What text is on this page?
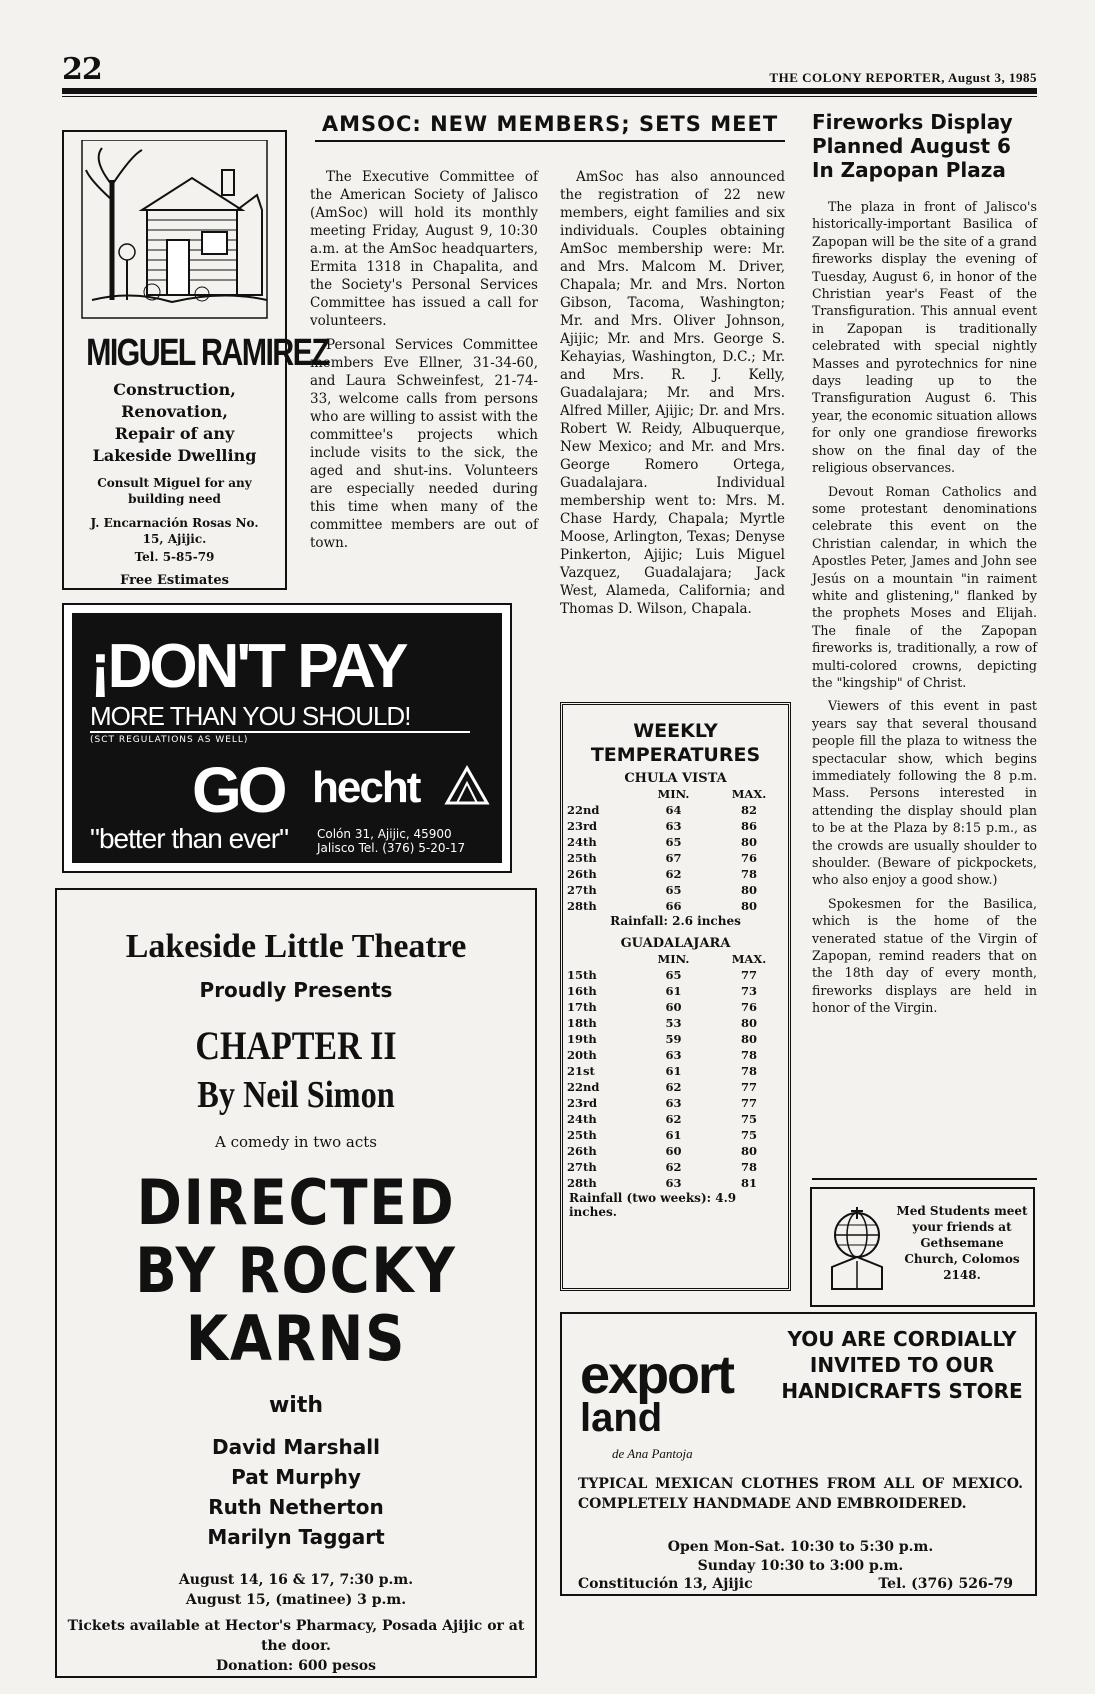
22	THE COLONY REPORTER, August 3, 1985
AMSOC: NEW MEMBERS; SETS MEET

The Executive Committee of the American Society of Jalisco (AmSoc) will hold its monthly meeting Friday, August 9, 10:30 a.m. at the AmSoc headquarters, Ermita 1318 in Chapalita, and the Society's Personal Services Committee has issued a call for volunteers.

Personal Services Committee members Eve Ellner, 31-34-60, and Laura Schweinfest, 21-74-33, welcome calls from persons who are willing to assist with the committee's projects which include visits to the sick, the aged and shut-ins. Volunteers are especially needed during this time when many of the committee members are out of town.

AmSoc has also announced the registration of 22 new members, eight families and six individuals. Couples obtaining AmSoc membership were: Mr. and Mrs. Malcom M. Driver, Chapala; Mr. and Mrs. Norton Gibson, Tacoma, Washington; Mr. and Mrs. Oliver Johnson, Ajijic; Mr. and Mrs. George S. Kehayias, Washington, D.C.; Mr. and Mrs. R. J. Kelly, Guadalajara; Mr. and Mrs. Alfred Miller, Ajijic; Dr. and Mrs. Robert W. Reidy, Albuquerque, New Mexico; and Mr. and Mrs. George Romero Ortega, Guadalajara. Individual membership went to: Mrs. M. Chase Hardy, Chapala; Myrtle Moose, Arlington, Texas; Denyse Pinkerton, Ajijic; Luis Miguel Vazquez, Guadalajara; Jack West, Alameda, California; and Thomas D. Wilson, Chapala.

Fireworks Display Planned August 6 In Zapopan Plaza

The plaza in front of Jalisco's historically-important Basilica of Zapopan will be the site of a grand fireworks display the evening of Tuesday, August 6, in honor of the Christian year's Feast of the Transfiguration. This annual event in Zapopan is traditionally celebrated with special nightly Masses and pyrotechnics for nine days leading up to the Transfiguration August 6. This year, the economic situation allows for only one grandiose fireworks show on the final day of the religious observances.

Devout Roman Catholics and some protestant denominations celebrate this event on the Christian calendar, in which the Apostles Peter, James and John see Jesús on a mountain "in raiment white and glistening," flanked by the prophets Moses and Elijah. The finale of the Zapopan fireworks is, traditionally, a row of multi-colored crowns, depicting the "kingship" of Christ.

Viewers of this event in past years say that several thousand people fill the plaza to witness the spectacular show, which begins immediately following the 8 p.m. Mass. Persons interested in attending the display should plan to be at the Plaza by 8:15 p.m., as the crowds are usually shoulder to shoulder. (Beware of pickpockets, who also enjoy a good show.)

Spokesmen for the Basilica, which is the home of the venerated statue of the Virgin of Zapopan, remind readers that on the 18th day of every month, fireworks displays are held in honor of the Virgin.

MIGUEL RAMIREZ
Construction, Renovation, Repair of any Lakeside Dwelling
Consult Miguel for any building need
J. Encarnación Rosas No. 15, Ajijic.
Tel. 5-85-79
Free Estimates
¡DON'T PAY
MORE THAN YOU SHOULD!
(SCT REGULATIONS AS WELL)
GO hecht
"better than ever" Colón 31, Ajijic, 45900
Jalisco Tel. (376) 5-20-17
Lakeside Little Theatre
Proudly Presents
CHAPTER II
By Neil Simon
A comedy in two acts
DIRECTED BY ROCKY KARNS
with
David Marshall
Pat Murphy
Ruth Netherton
Marilyn Taggart
August 14, 16 & 17, 7:30 p.m.
August 15, (matinee) 3 p.m.
Tickets available at Hector's Pharmacy, Posada Ajijic or at the door.
Donation: 600 pesos
WEEKLY
TEMPERATURES
CHULA VISTA
	MIN.	MAX.
22nd	64	82
23rd	63	86
24th	65	80
25th	67	76
26th	62	78
27th	65	80
28th	66	80
Rainfall: 2.6 inches
GUADALAJARA
	MIN.	MAX.
15th	65	77
16th	61	73
17th	60	76
18th	53	80
19th	59	80
20th	63	78
21st	61	78
22nd	62	77
23rd	63	77
24th	62	75
25th	61	75
26th	60	80
27th	62	78
28th	63	81
Rainfall (two weeks): 4.9 inches.	Med Students meet your friends at Gethsemane Church, Colomos 2148.
export
land
de Ana Pantoja
YOU ARE CORDIALLY INVITED TO OUR HANDICRAFTS STORE
TYPICAL MEXICAN CLOTHES FROM ALL OF MEXICO. COMPLETELY HANDMADE AND EMBROIDERED.
Open Mon-Sat. 10:30 to 5:30 p.m.
Sunday 10:30 to 3:00 p.m.
Constitución 13, Ajijic	Tel. (376) 526-79
